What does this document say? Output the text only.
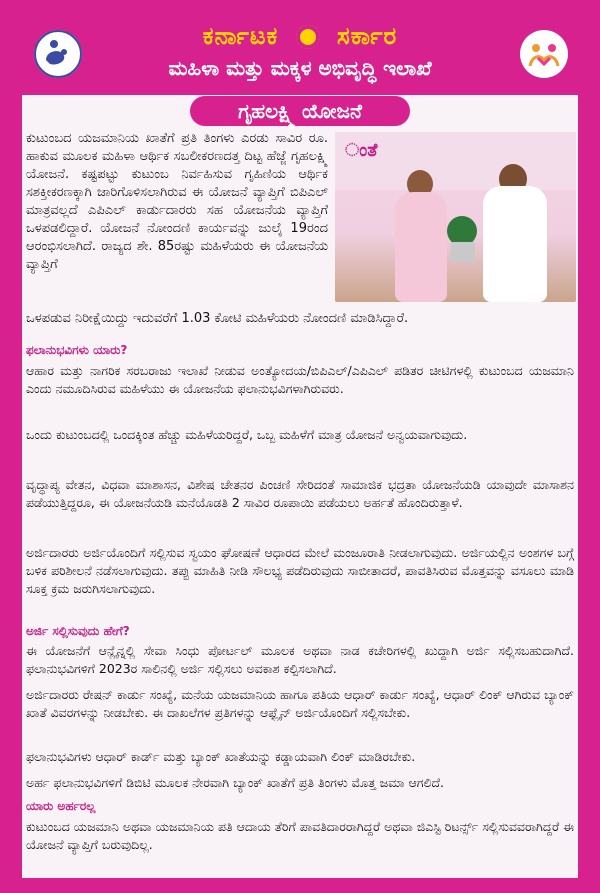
ಕರ್ನಾಟಕ ಸರ್ಕಾರ
ಮಹಿಳಾ ಮತ್ತು ಮಕ್ಕಳ ಅಭಿವೃದ್ಧಿ ಇಲಾಖೆ
ಗೃಹಲಕ್ಷ್ಮಿ ಯೋಜನೆ
ಂತೆ
ಕುಟುಂಬದ ಯಜಮಾನಿಯ ಖಾತೆಗೆ ಪ್ರತಿ ತಿಂಗಳು ಎರಡು ಸಾವಿರ ರೂ. ಹಾಕುವ ಮೂಲಕ ಮಹಿಳಾ ಆರ್ಥಿಕ ಸಬಲೀಕರಣದತ್ತ ದಿಟ್ಟ ಹೆಜ್ಜೆ ಗೃಹಲಕ್ಷ್ಮಿ ಯೋಜನೆ. ಕಷ್ಟಪಟ್ಟು ಕುಟುಂಬ ನಿರ್ವಹಿಸುವ ಗೃಹಿಣಿಯ ಆರ್ಥಿಕ ಸಶಕ್ತೀಕರಣಕ್ಕಾಗಿ ಜಾರಿಗೊಳಿಸಲಾಗಿರುವ ಈ ಯೋಜನೆ ವ್ಯಾಪ್ತಿಗೆ ಬಿಪಿಎಲ್ ಮಾತ್ರವಲ್ಲದೆ ಎಪಿಎಲ್ ಕಾರ್ಡುದಾರರು ಸಹ ಯೋಜನೆಯ ವ್ಯಾಪ್ತಿಗೆ ಒಳಪಡಲಿದ್ದಾರೆ. ಯೋಜನೆ ನೋಂದಣಿ ಕಾರ್ಯವನ್ನು ಜುಲೈ 19ರಂದ ಆರಂಭಿಸಲಾಗಿದೆ. ರಾಜ್ಯದ ಶೇ. 85ರಷ್ಟು ಮಹಿಳೆಯರು ಈ ಯೋಜನೆಯ ವ್ಯಾಪ್ತಿಗೆ
ಒಳಪಡುವ ನಿರೀಕ್ಷೆಯಿದ್ದು ಇದುವರೆಗೆ 1.03 ಕೋಟಿ ಮಹಿಳೆಯರು ನೋಂದಣಿ ಮಾಡಿಸಿದ್ದಾರೆ.
ಫಲಾನುಭವಿಗಳು ಯಾರು?
ಆಹಾರ ಮತ್ತು ನಾಗರಿಕ ಸರಬರಾಜು ಇಲಾಖೆ ನೀಡುವ ಅಂತ್ಯೋದಯ/ಬಿಪಿಎಲ್/ಎಪಿಎಲ್ ಪಡಿತರ ಚೀಟಿಗಳಲ್ಲಿ ಕುಟುಂಬದ ಯಜಮಾನಿ ಎಂದು ನಮೂದಿಸಿರುವ ಮಹಿಳೆಯು ಈ ಯೋಜನೆಯ ಫಲಾನುಭವಿಗಳಾಗಿರುವರು.
ಒಂದು ಕುಟುಂಬದಲ್ಲಿ ಒಂದಕ್ಕಿಂತ ಹೆಚ್ಚು ಮಹಿಳೆಯರಿದ್ದರೆ, ಒಬ್ಬ ಮಹಿಳೆಗೆ ಮಾತ್ರ ಯೋಜನೆ ಅನ್ವಯವಾಗುವುದು.
ವೃದ್ಧಾಪ್ಯ ವೇತನ, ವಿಧವಾ ಮಾಶಾಸನ, ವಿಶೇಷ ಚೇತನರ ಪಿಂಚಣಿ ಸೇರಿದಂತೆ ಸಾಮಾಜಿಕ ಭದ್ರತಾ ಯೋಜನೆಯಡಿ ಯಾವುದೇ ಮಾಸಾಶನ ಪಡೆಯುತ್ತಿದ್ದರೂ, ಈ ಯೋಜನೆಯಡಿ ಮನೆಯೊಡತಿ 2 ಸಾವಿರ ರೂಪಾಯಿ ಪಡೆಯಲು ಅರ್ಹತೆ ಹೊಂದಿರುತ್ತಾಳೆ.
ಅರ್ಜಿದಾರರು ಅರ್ಜಿಯೊಂದಿಗೆ ಸಲ್ಲಿಸುವ ಸ್ವಯಂ ಘೋಷಣೆ ಆಧಾರದ ಮೇಲೆ ಮಂಜೂರಾತಿ ನೀಡಲಾಗುವುದು. ಅರ್ಜಿಯಲ್ಲಿನ ಅಂಶಗಳ ಬಗ್ಗೆ ಬಳಿಕ ಪರಿಶೀಲನೆ ನಡೆಸಲಾಗುವುದು. ತಪ್ಪು ಮಾಹಿತಿ ನೀಡಿ ಸೌಲಭ್ಯ ಪಡೆದಿರುವುದು ಸಾಬೀತಾದರೆ, ಪಾವತಿಸಿರುವ ಮೊತ್ತವನ್ನು ವಸೂಲು ಮಾಡಿ ಸೂಕ್ತ ಕ್ರಮ ಜರುಗಿಸಲಾಗುವುದು.
ಅರ್ಜಿ ಸಲ್ಲಿಸುವುದು ಹೇಗೆ?
ಈ ಯೋಜನೆಗೆ ಆನ್ಲೈನ್ನಲ್ಲಿ ಸೇವಾ ಸಿಂಧು ಪೋರ್ಟಲ್ ಮೂಲಕ ಅಥವಾ ನಾಡ ಕಚೇರಿಗಳಲ್ಲಿ ಖುದ್ದಾಗಿ ಅರ್ಜಿ ಸಲ್ಲಿಸಬಹುದಾಗಿದೆ. ಫಲಾನುಭವಿಗಳಿಗೆ 2023ರ ಸಾಲಿನಲ್ಲಿ ಅರ್ಜಿ ಸಲ್ಲಿಸಲು ಅವಕಾಶ ಕಲ್ಪಿಸಲಾಗಿದೆ.
ಅರ್ಜಿದಾರರು ರೇಷನ್ ಕಾರ್ಡು ಸಂಖ್ಯೆ, ಮನೆಯ ಯಜಮಾನಿಯ ಹಾಗೂ ಪತಿಯ ಆಧಾರ್ ಕಾರ್ಡು ಸಂಖ್ಯೆ, ಆಧಾರ್ ಲಿಂಕ್ ಆಗಿರುವ ಬ್ಯಾಂಕ್ ಖಾತೆ ವಿವರಗಳನ್ನು ನೀಡಬೇಕು. ಈ ದಾಖಲೆಗಳ ಪ್ರತಿಗಳನ್ನು ಆಫ್ಲೈನ್ ಅರ್ಜಿಯೊಂದಿಗೆ ಸಲ್ಲಿಸಬೇಕು.
ಫಲಾನುಭವಿಗಳು ಆಧಾರ್ ಕಾರ್ಡ್ ಮತ್ತು ಬ್ಯಾಂಕ್ ಖಾತೆಯನ್ನು ಕಡ್ಡಾಯವಾಗಿ ಲಿಂಕ್ ಮಾಡಿರಬೇಕು.
ಅರ್ಹ ಫಲಾನುಭವಿಗಳಿಗೆ ಡಿಬಿಟಿ ಮೂಲಕ ನೇರವಾಗಿ ಬ್ಯಾಂಕ್ ಖಾತೆಗೆ ಪ್ರತಿ ತಿಂಗಳು ಮೊತ್ತ ಜಮಾ ಆಗಲಿದೆ.
ಯಾರು ಅರ್ಹರಲ್ಲ
ಕುಟುಂಬದ ಯಜಮಾನಿ ಅಥವಾ ಯಜಮಾನಿಯ ಪತಿ ಆದಾಯ ತೆರಿಗೆ ಪಾವತಿದಾರರಾಗಿದ್ದರೆ ಅಥವಾ ಜಿಎಸ್ಟಿ ರಿಟರ್ನ್ಸ್ ಸಲ್ಲಿಸುವವರಾಗಿದ್ದರೆ ಈ ಯೋಜನೆ ವ್ಯಾಪ್ತಿಗೆ ಬರುವುದಿಲ್ಲ.
